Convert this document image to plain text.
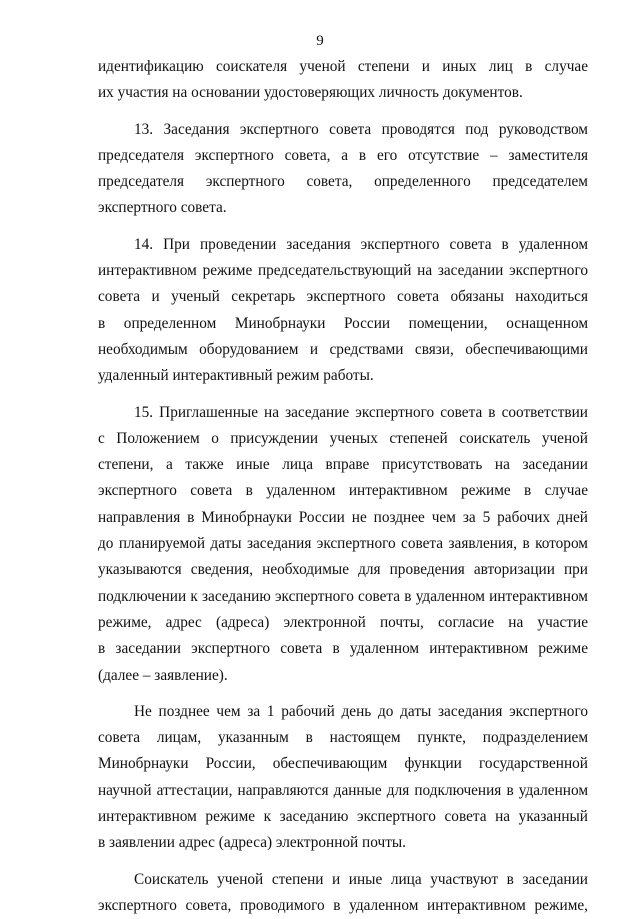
9
идентификацию соискателя ученой степени и иных лиц в случае
их участия на основании удостоверяющих личность документов.
13. Заседания экспертного совета проводятся под руководством
председателя экспертного совета, а в его отсутствие – заместителя
председателя экспертного совета, определенного председателем
экспертного совета.
14. При проведении заседания экспертного совета в удаленном
интерактивном режиме председательствующий на заседании экспертного
совета и ученый секретарь экспертного совета обязаны находиться
в определенном Минобрнауки России помещении, оснащенном
необходимым оборудованием и средствами связи, обеспечивающими
удаленный интерактивный режим работы.
15. Приглашенные на заседание экспертного совета в соответствии
с Положением о присуждении ученых степеней соискатель ученой
степени, а также иные лица вправе присутствовать на заседании
экспертного совета в удаленном интерактивном режиме в случае
направления в Минобрнауки России не позднее чем за 5 рабочих дней
до планируемой даты заседания экспертного совета заявления, в котором
указываются сведения, необходимые для проведения авторизации при
подключении к заседанию экспертного совета в удаленном интерактивном
режиме, адрес (адреса) электронной почты, согласие на участие
в заседании экспертного совета в удаленном интерактивном режиме
(далее – заявление).
Не позднее чем за 1 рабочий день до даты заседания экспертного
совета лицам, указанным в настоящем пункте, подразделением
Минобрнауки России, обеспечивающим функции государственной
научной аттестации, направляются данные для подключения в удаленном
интерактивном режиме к заседанию экспертного совета на указанный
в заявлении адрес (адреса) электронной почты.
Соискатель ученой степени и иные лица участвуют в заседании
экспертного совета, проводимого в удаленном интерактивном режиме,
